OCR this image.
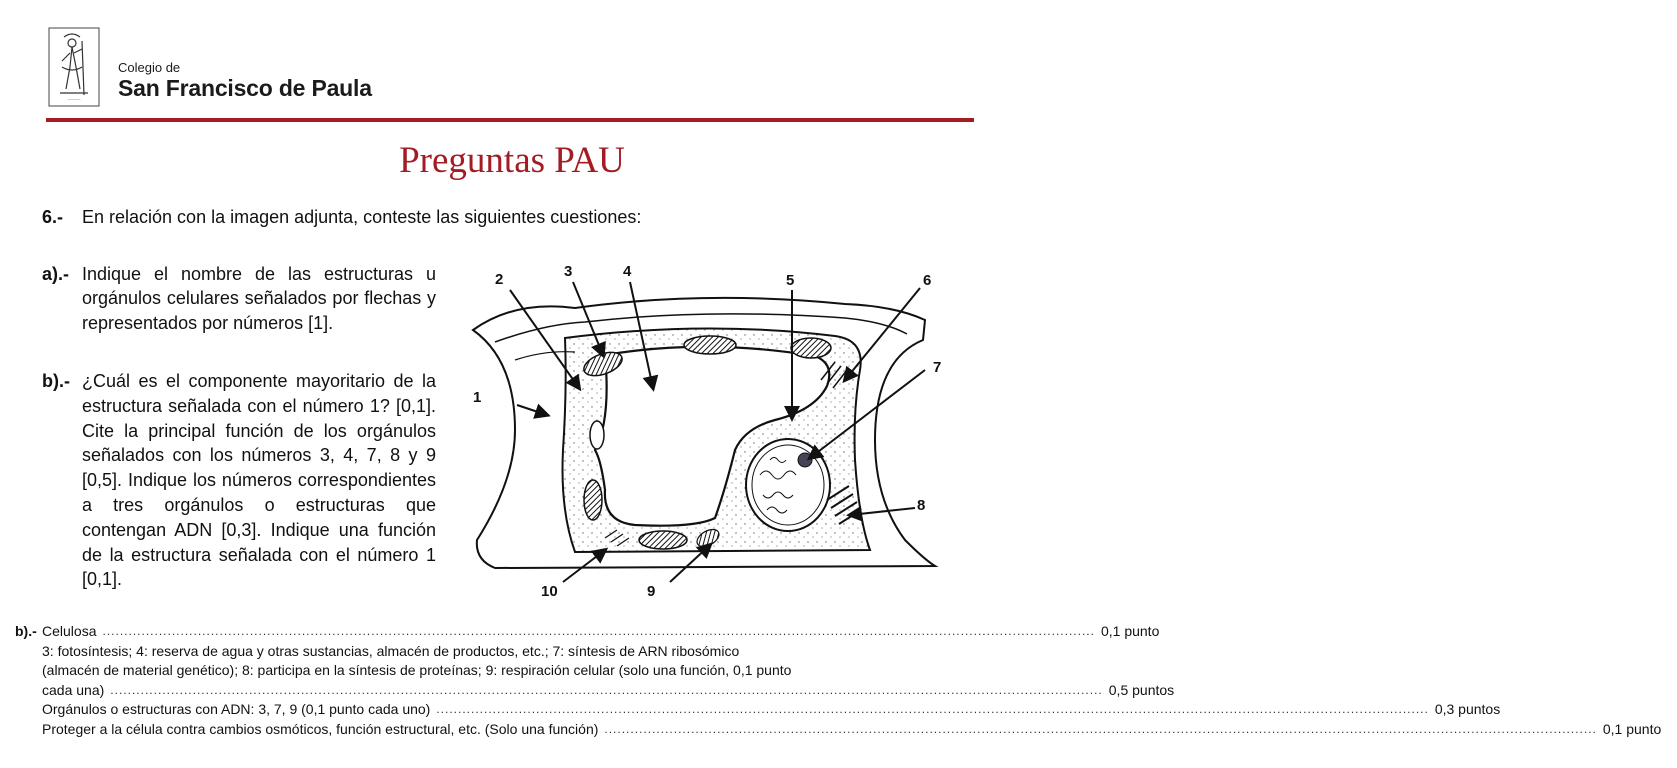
~~~~~~
Colegio de
San Francisco de Paula
Preguntas PAU
6.- En relación con la imagen adjunta, conteste las siguientes cuestiones:
a).- Indique el nombre de las estructuras u orgánulos celulares señalados por flechas y representados por números [1].
b).- ¿Cuál es el componente mayoritario de la estructura señalada con el número 1? [0,1]. Cite la principal función de los orgánulos señalados con los números 3, 4, 7, 8 y 9 [0,5]. Indique los números correspondientes a tres orgánulos o estructuras que contengan ADN [0,3]. Indique una función de la estructura señalada con el número 1 [0,1].
1
2	3	4
5	6
7
8
9
10
b).- Celulosa ..................................................................................................................................................................................................................................... 0,1 punto
3: fotosíntesis; 4: reserva de agua y otras sustancias, almacén de productos, etc.; 7: síntesis de ARN ribosómico
(almacén de material genético); 8: participa en la síntesis de proteínas; 9: respiración celular (solo una función, 0,1 punto
cada una) ..................................................................................................................................................................................................................................... 0,5 puntos
Orgánulos o estructuras con ADN: 3, 7, 9 (0,1 punto cada uno) ..................................................................................................................................................................................................................................... 0,3 puntos
Proteger a la célula contra cambios osmóticos, función estructural, etc. (Solo una función) ..................................................................................................................................................................................................................................... 0,1 punto
